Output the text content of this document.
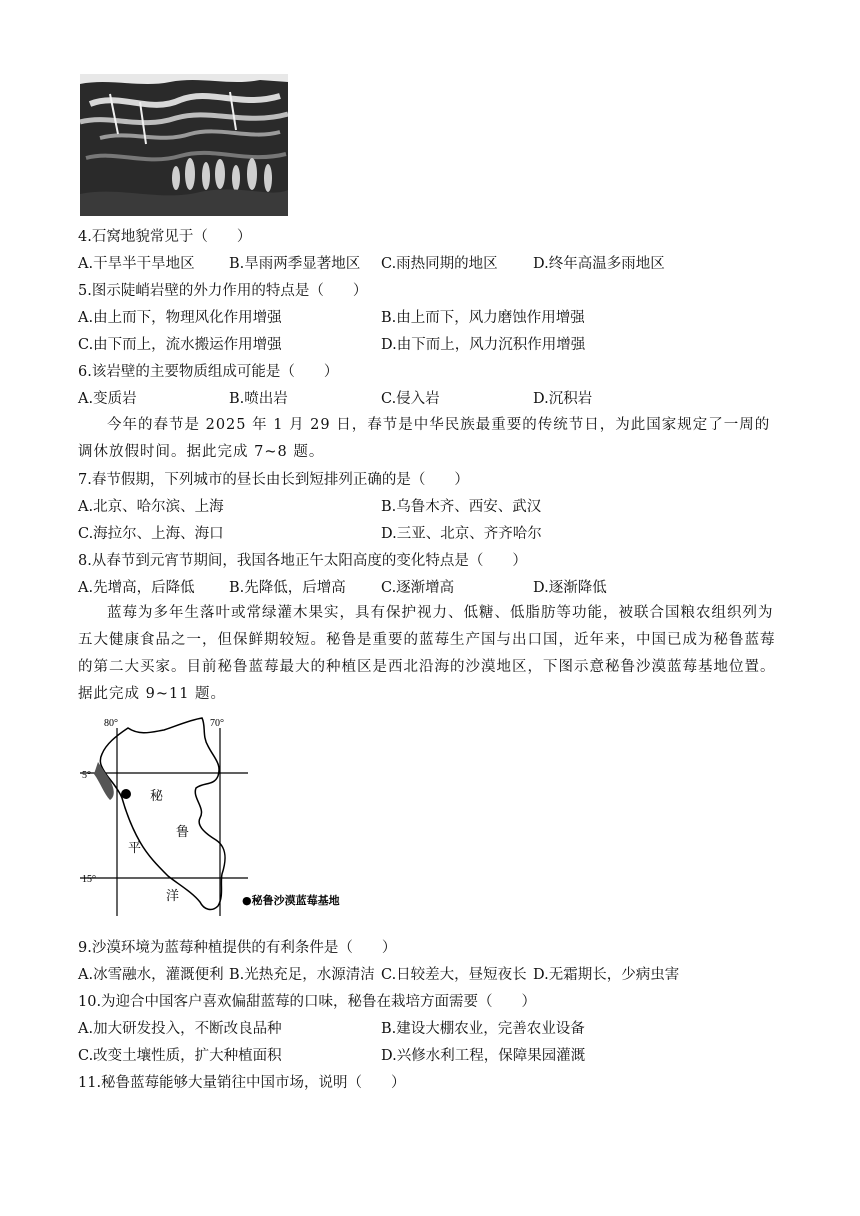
4.石窝地貌常见于（　　）
A.干旱半干旱地区 B.旱雨两季显著地区 C.雨热同期的地区 D.终年高温多雨地区
5.图示陡峭岩壁的外力作用的特点是（　　）
A.由上而下，物理风化作用增强	B.由上而下，风力磨蚀作用增强
C.由下而上，流水搬运作用增强	D.由下而上，风力沉积作用增强
6.该岩壁的主要物质组成可能是（　　）
A.变质岩	B.喷出岩	C.侵入岩	D.沉积岩
今年的春节是 2025 年 1 月 29 日，春节是中华民族最重要的传统节日，为此国家规定了一周的调休放假时间。据此完成 7~8 题。
7.春节假期，下列城市的昼长由长到短排列正确的是（　　）
A.北京、哈尔滨、上海	B.乌鲁木齐、西安、武汉
C.海拉尔、上海、海口	D.三亚、北京、齐齐哈尔
8.从春节到元宵节期间，我国各地正午太阳高度的变化特点是（　　）
A.先增高，后降低 B.先降低，后增高 C.逐渐增高	D.逐渐降低
蓝莓为多年生落叶或常绿灌木果实，具有保护视力、低糖、低脂肪等功能，被联合国粮农组织列为五大健康食品之一，但保鲜期较短。秘鲁是重要的蓝莓生产国与出口国，近年来，中国已成为秘鲁蓝莓的第二大买家。目前秘鲁蓝莓最大的种植区是西北沿海的沙漠地区，下图示意秘鲁沙漠蓝莓基地位置。据此完成 9~11 题。
80°	70°
5°
15°
秘
鲁
平
洋	●秘鲁沙漠蓝莓基地
9.沙漠环境为蓝莓种植提供的有利条件是（　　）
A.冰雪融水，灌溉便利 B.光热充足，水源清洁 C.日较差大，昼短夜长 D.无霜期长，少病虫害
10.为迎合中国客户喜欢偏甜蓝莓的口味，秘鲁在栽培方面需要（　　）
A.加大研发投入，不断改良品种	B.建设大棚农业，完善农业设备
C.改变土壤性质，扩大种植面积	D.兴修水利工程，保障果园灌溉
11.秘鲁蓝莓能够大量销往中国市场，说明（　　）
